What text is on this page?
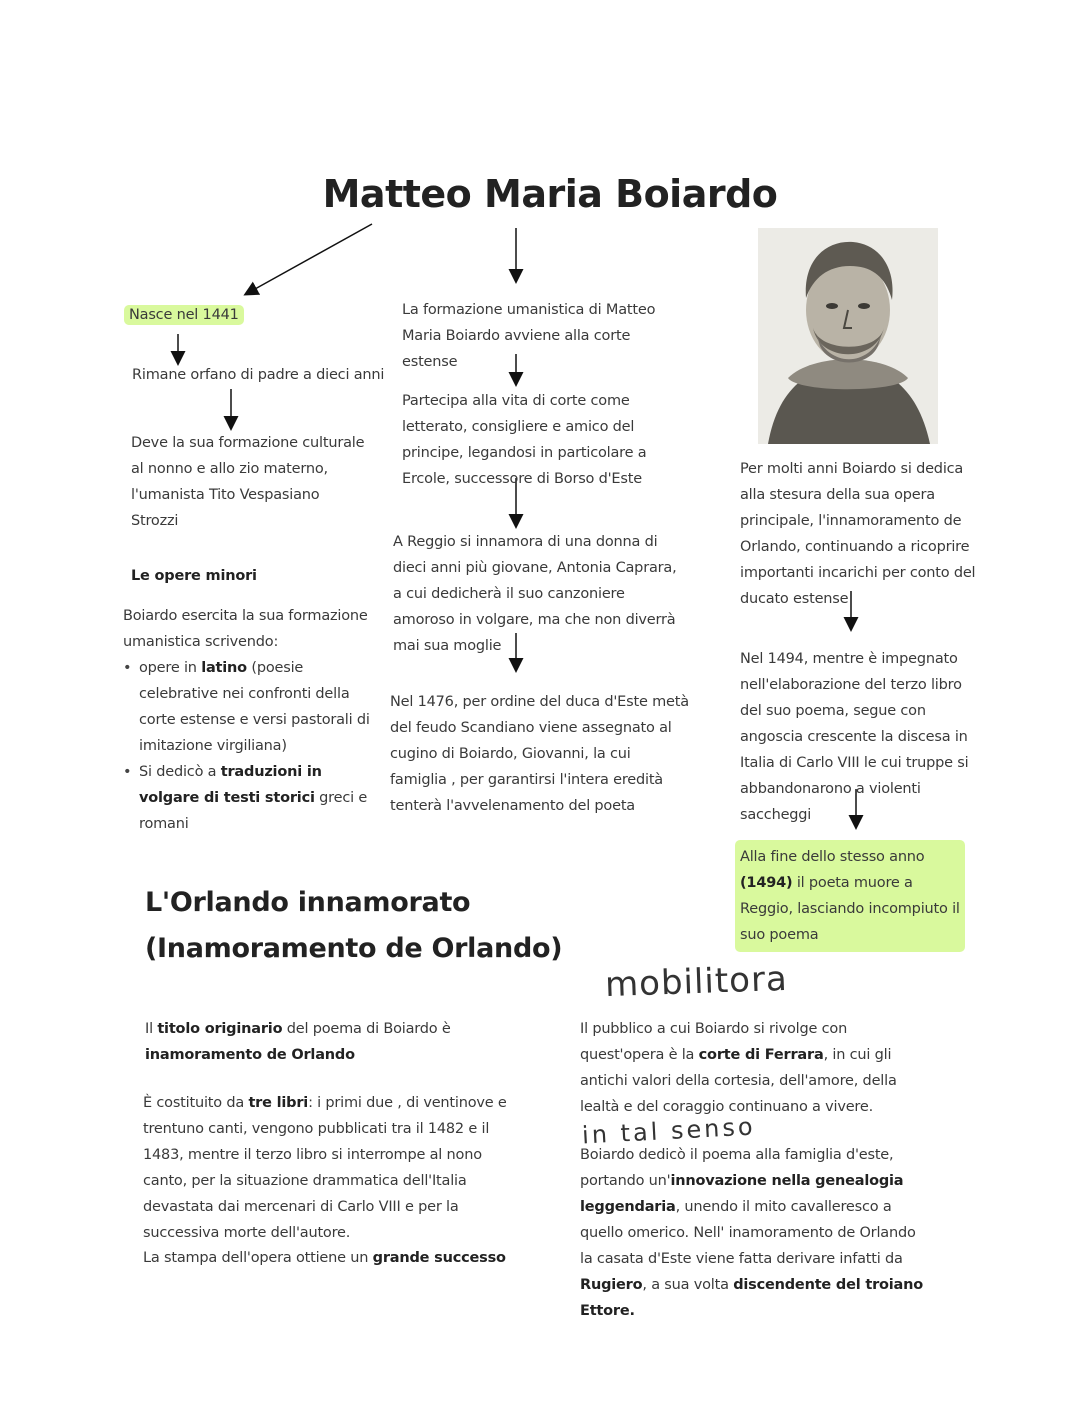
Matteo Maria Boiardo
Nasce nel 1441
Rimane orfano di padre a dieci anni
Deve la sua formazione culturale al nonno e allo zio materno, l'umanista Tito Vespasiano Strozzi
Le opere minori
Boiardo esercita la sua formazione umanistica scrivendo:
• opere in latino (poesie celebrative nei confronti della corte estense e versi pastorali di imitazione virgiliana)
• Si dedicò a traduzioni in volgare di testi storici greci e romani
La formazione umanistica di Matteo Maria Boiardo avviene alla corte estense
Partecipa alla vita di corte come letterato, consigliere e amico del principe, legandosi in particolare a Ercole, successore di Borso d'Este
A Reggio si innamora di una donna di dieci anni più giovane, Antonia Caprara, a cui dedicherà il suo canzoniere amoroso in volgare, ma che non diverrà mai sua moglie
Nel 1476, per ordine del duca d'Este metà del feudo Scandiano viene assegnato al cugino di Boiardo, Giovanni, la cui famiglia , per garantirsi l'intera eredità tenterà l'avvelenamento del poeta
Per molti anni Boiardo si dedica alla stesura della sua opera principale, l'innamoramento de Orlando, continuando a ricoprire importanti incarichi per conto del ducato estense
Nel 1494, mentre è impegnato nell'elaborazione del terzo libro del suo poema, segue con angoscia crescente la discesa in Italia di Carlo VIII le cui truppe si abbandonarono a violenti saccheggi
Alla fine dello stesso anno (1494) il poeta muore a Reggio, lasciando incompiuto il suo poema
L'Orlando innamorato
(Inamoramento de Orlando)
mobilitora
Il titolo originario del poema di Boiardo è inamoramento de Orlando
È costituito da tre libri: i primi due , di ventinove e trentuno canti, vengono pubblicati tra il 1482 e il 1483, mentre il terzo libro si interrompe al nono canto, per la situazione drammatica dell'Italia devastata dai mercenari di Carlo VIII e per la successiva morte dell'autore.
La stampa dell'opera ottiene un grande successo
Il pubblico a cui Boiardo si rivolge con quest'opera è la corte di Ferrara, in cui gli antichi valori della cortesia, dell'amore, della lealtà e del coraggio continuano a vivere.
in tal senso
Boiardo dedicò il poema alla famiglia d'este, portando un'innovazione nella genealogia leggendaria, unendo il mito cavalleresco a quello omerico. Nell' inamoramento de Orlando la casata d'Este viene fatta derivare infatti da Rugiero, a sua volta discendente del troiano Ettore.
